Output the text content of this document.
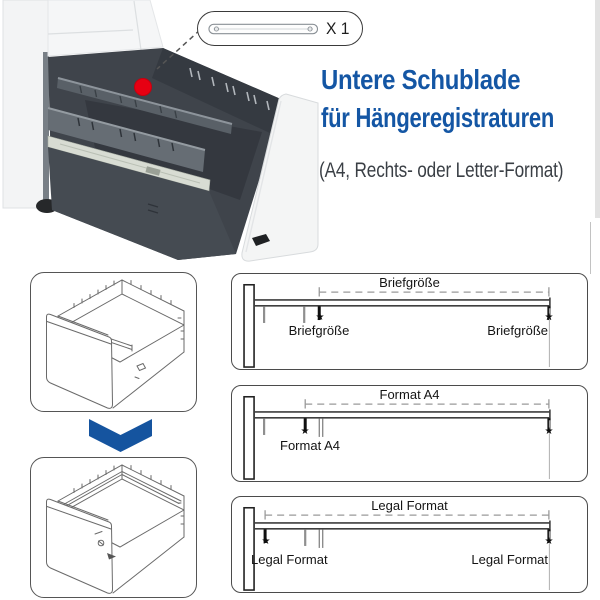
X 1
Untere Schublade
für Hängeregistraturen
(A4, Rechts- oder Letter-Format)
Briefgröße
★	★
Briefgröße	Briefgröße
Format A4
★	★
Format A4
Legal Format
★	★
Legal Format	Legal Format
